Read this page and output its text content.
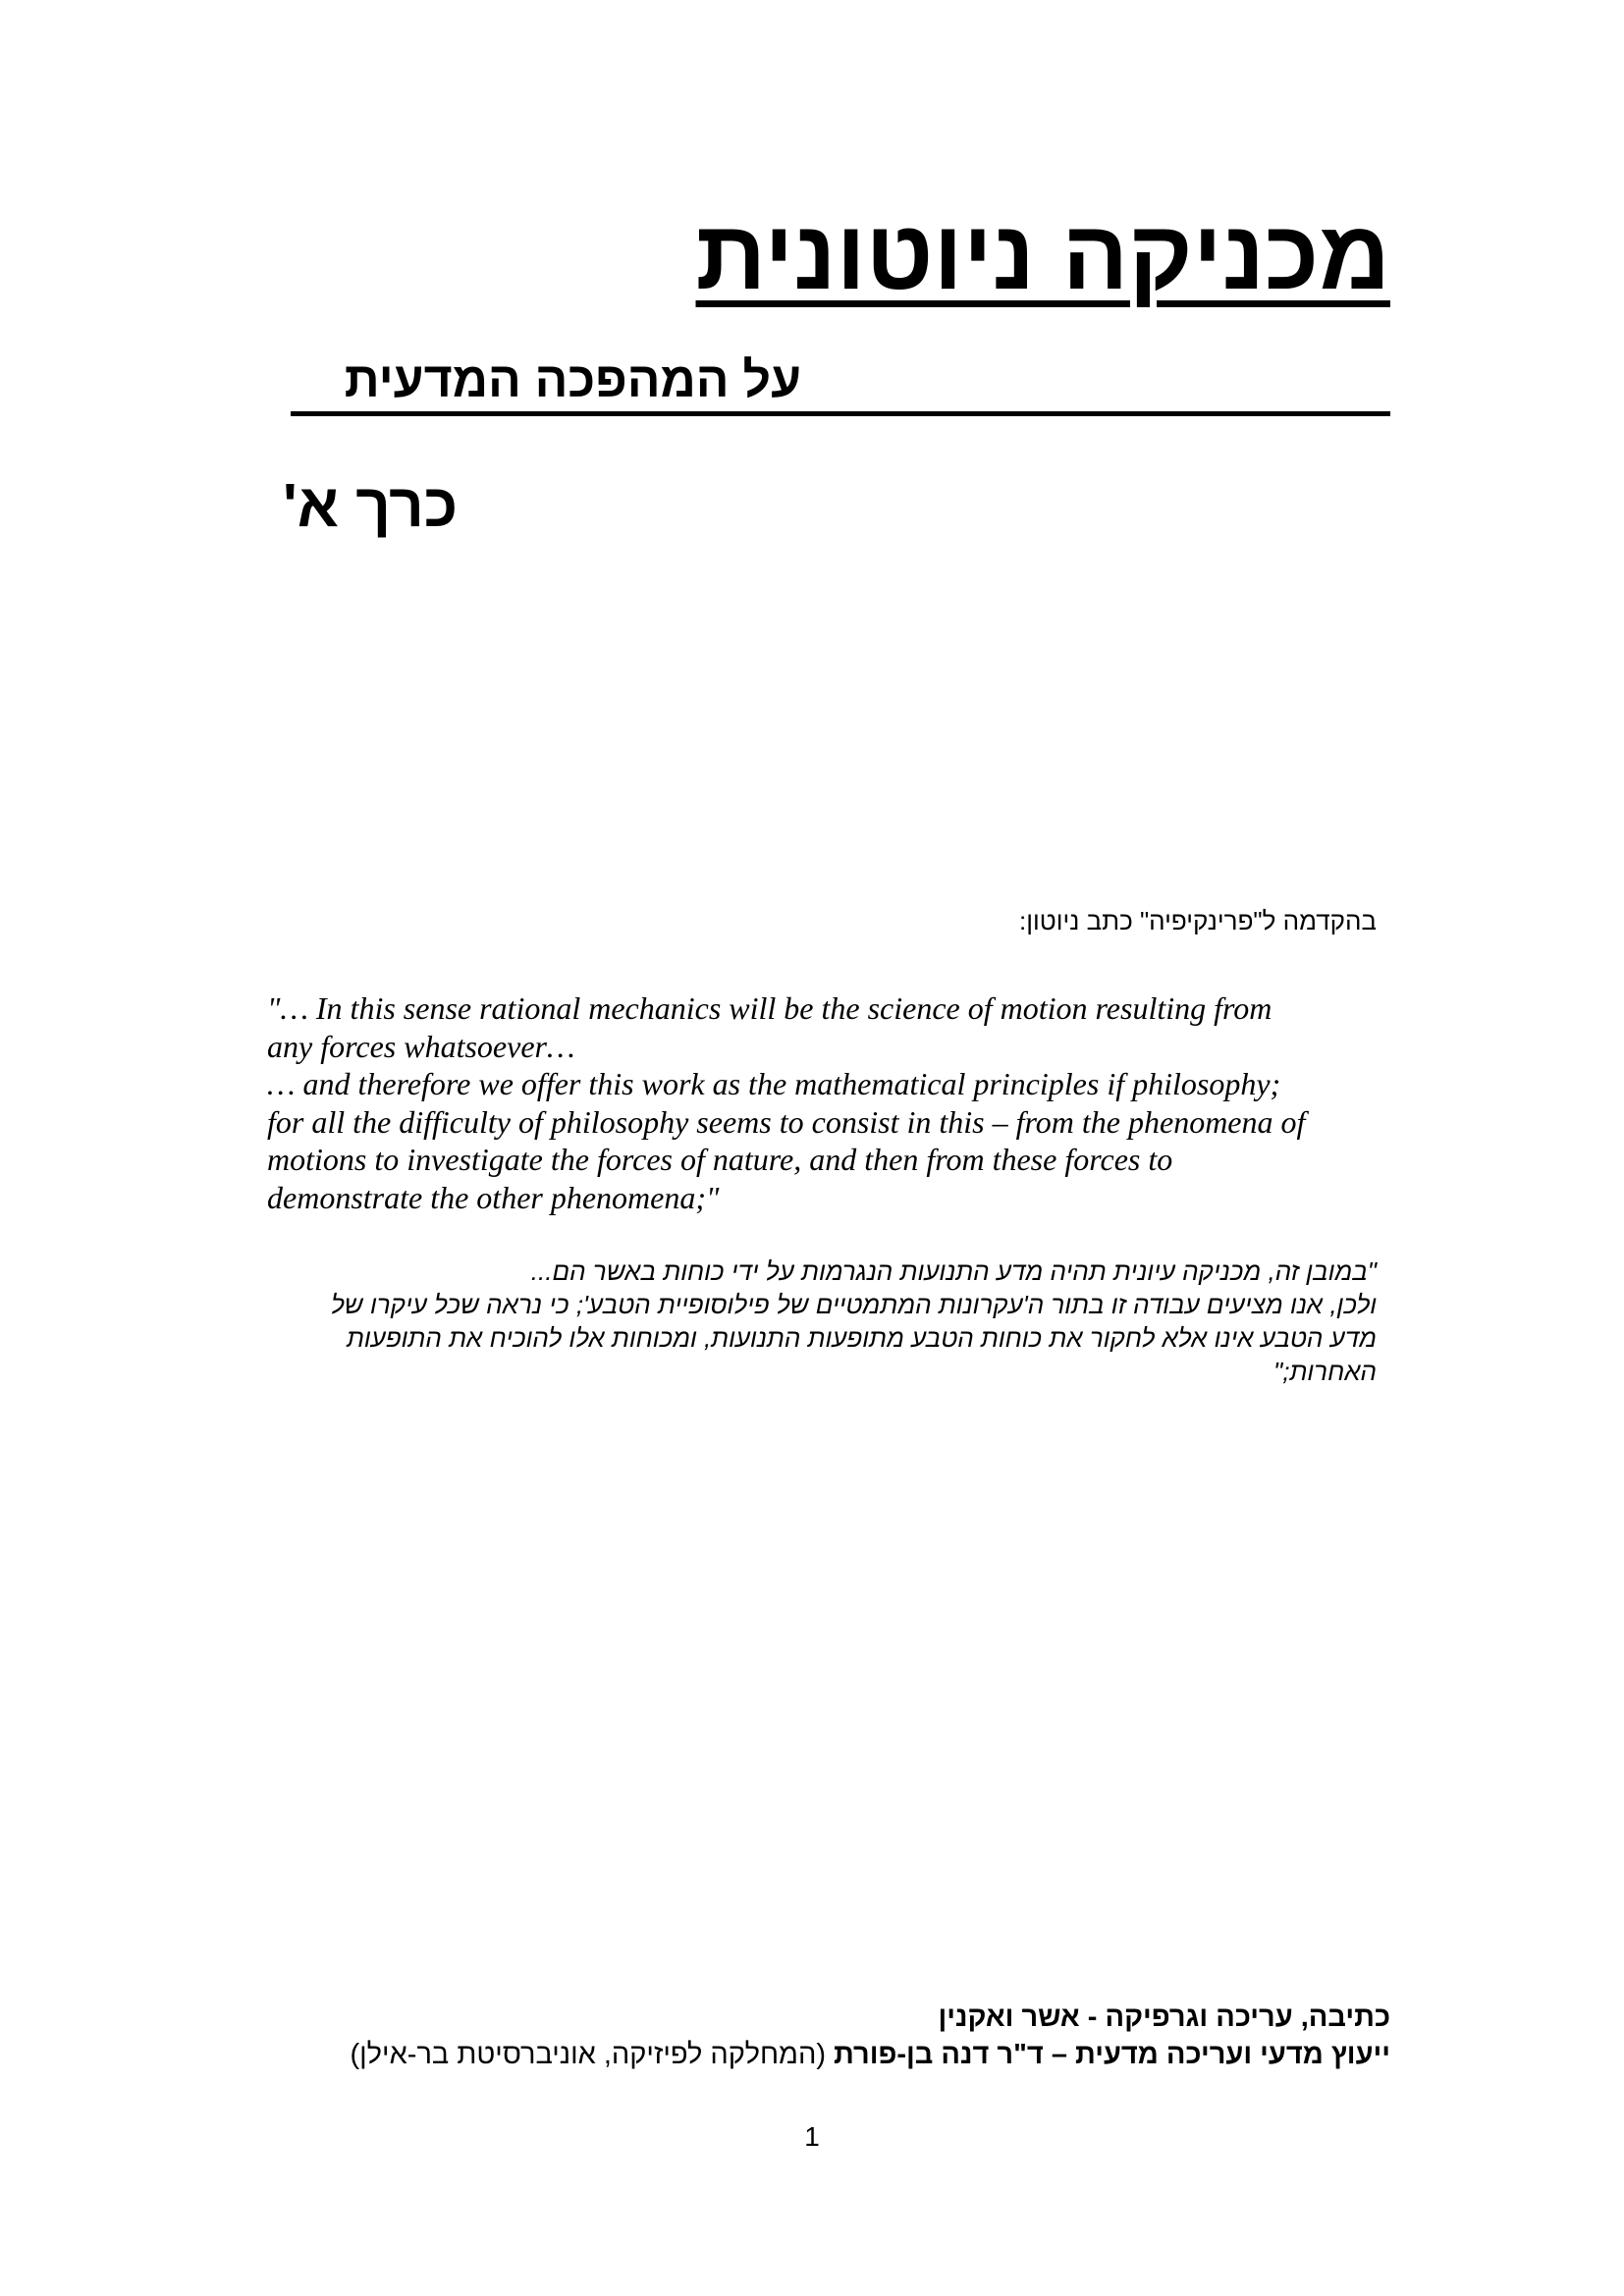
מכניקה ניוטונית
על המהפכה המדעית
כרך א'

בהקדמה ל"פרינקיפיה" כתב ניוטון:

"… In this sense rational mechanics will be the science of motion resulting from
any forces whatsoever…
… and therefore we offer this work as the mathematical principles if philosophy;
for all the difficulty of philosophy seems to consist in this – from the phenomena of
motions to investigate the forces of nature, and then from these forces to
demonstrate the other phenomena;"
"במובן זה, מכניקה עיונית תהיה מדע התנועות הנגרמות על ידי כוחות באשר הם...
ולכן, אנו מציעים עבודה זו בתור ה'עקרונות המתמטיים של פילוסופיית הטבע'; כי נראה שכל עיקרו של
מדע הטבע אינו אלא לחקור את כוחות הטבע מתופעות התנועות, ומכוחות אלו להוכיח את התופעות
האחרות;"
כתיבה, עריכה וגרפיקה - אשר ואקנין
ייעוץ מדעי ועריכה מדעית – ד"ר דנה בן-פורת (המחלקה לפיזיקה, אוניברסיטת בר-אילן)
1
